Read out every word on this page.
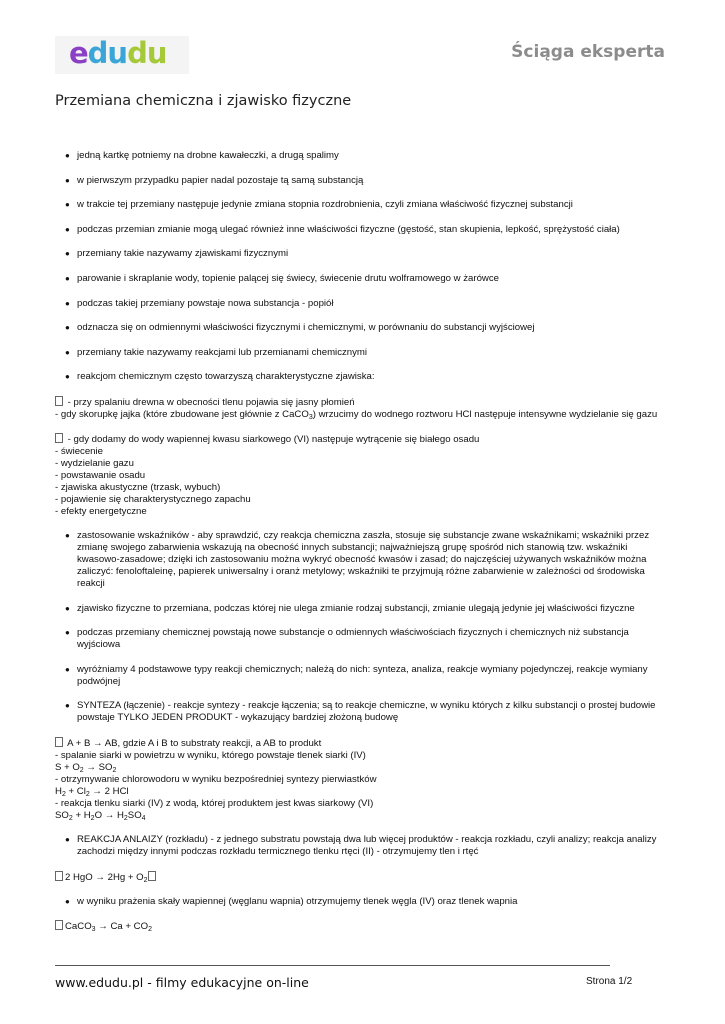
edudu	Ściąga eksperta
Przemiana chemiczna i zjawisko fizyczne
● jedną kartkę potniemy na drobne kawałeczki, a drugą spalimy
● w pierwszym przypadku papier nadal pozostaje tą samą substancją
● w trakcie tej przemiany następuje jedynie zmiana stopnia rozdrobnienia, czyli zmiana właściwość fizycznej substancji
● podczas przemian zmianie mogą ulegać również inne właściwości fizyczne (gęstość, stan skupienia, lepkość, sprężystość ciała)
● przemiany takie nazywamy zjawiskami fizycznymi
● parowanie i skraplanie wody, topienie palącej się świecy, świecenie drutu wolframowego w żarówce
● podczas takiej przemiany powstaje nowa substancja - popiół
● odznacza się on odmiennymi właściwości fizycznymi i chemicznymi, w porównaniu do substancji wyjściowej
● przemiany takie nazywamy reakcjami lub przemianami chemicznymi
● reakcjom chemicznym często towarzyszą charakterystyczne zjawiska:
- przy spalaniu drewna w obecności tlenu pojawia się jasny płomień
- gdy skorupkę jajka (które zbudowane jest głównie z CaCO$_3$) wrzucimy do wodnego roztworu HCl następuje intensywne wydzielanie się gazu
- gdy dodamy do wody wapiennej kwasu siarkowego (VI) następuje wytrącenie się białego osadu
- świecenie
- wydzielanie gazu
- powstawanie osadu
- zjawiska akustyczne (trzask, wybuch)
- pojawienie się charakterystycznego zapachu
- efekty energetyczne
● zastosowanie wskaźników - aby sprawdzić, czy reakcja chemiczna zaszła, stosuje się substancje zwane wskaźnikami; wskaźniki przez zmianę swojego zabarwienia wskazują na obecność innych substancji; najważniejszą grupę spośród nich stanowią tzw. wskaźniki kwasowo-zasadowe; dzięki ich zastosowaniu można wykryć obecność kwasów i zasad; do najczęściej używanych wskaźników można zaliczyć: fenoloftaleinę, papierek uniwersalny i oranż metylowy; wskaźniki te przyjmują różne zabarwienie w zależności od środowiska reakcji
● zjawisko fizyczne to przemiana, podczas której nie ulega zmianie rodzaj substancji, zmianie ulegają jedynie jej właściwości fizyczne
● podczas przemiany chemicznej powstają nowe substancje o odmiennych właściwościach fizycznych i chemicznych niż substancja wyjściowa
● wyróżniamy 4 podstawowe typy reakcji chemicznych; należą do nich: synteza, analiza, reakcje wymiany pojedynczej, reakcje wymiany podwójnej
● SYNTEZA (łączenie) - reakcje syntezy - reakcje łączenia; są to reakcje chemiczne, w wyniku których z kilku substancji o prostej budowie powstaje TYLKO JEDEN PRODUKT - wykazujący bardziej złożoną budowę
A + B → AB, gdzie A i B to substraty reakcji, a AB to produkt
- spalanie siarki w powietrzu w wyniku, którego powstaje tlenek siarki (IV)
$S + O_2 \to SO_2$
- otrzymywanie chlorowodoru w wyniku bezpośredniej syntezy pierwiastków
$H_2 + Cl_2 \to 2$ HCl
- reakcja tlenku siarki (IV) z wodą, której produktem jest kwas siarkowy (VI)
$SO_2 + H_2O \to H_2SO_4$
● REAKCJA ANLAIZY (rozkładu) - z jednego substratu powstają dwa lub więcej produktów - reakcja rozkładu, czyli analizy; reakcja analizy zachodzi między innymi podczas rozkładu termicznego tlenku rtęci (II) - otrzymujemy tlen i rtęć
2 HgO → $2Hg + O_2$
● w wyniku prażenia skały wapiennej (węglanu wapnia) otrzymujemy tlenek węgla (IV) oraz tlenek wapnia
CaCO$_3$ → $Ca + CO_2$
www.edudu.pl - filmy edukacyjne on-line	Strona 1/2
